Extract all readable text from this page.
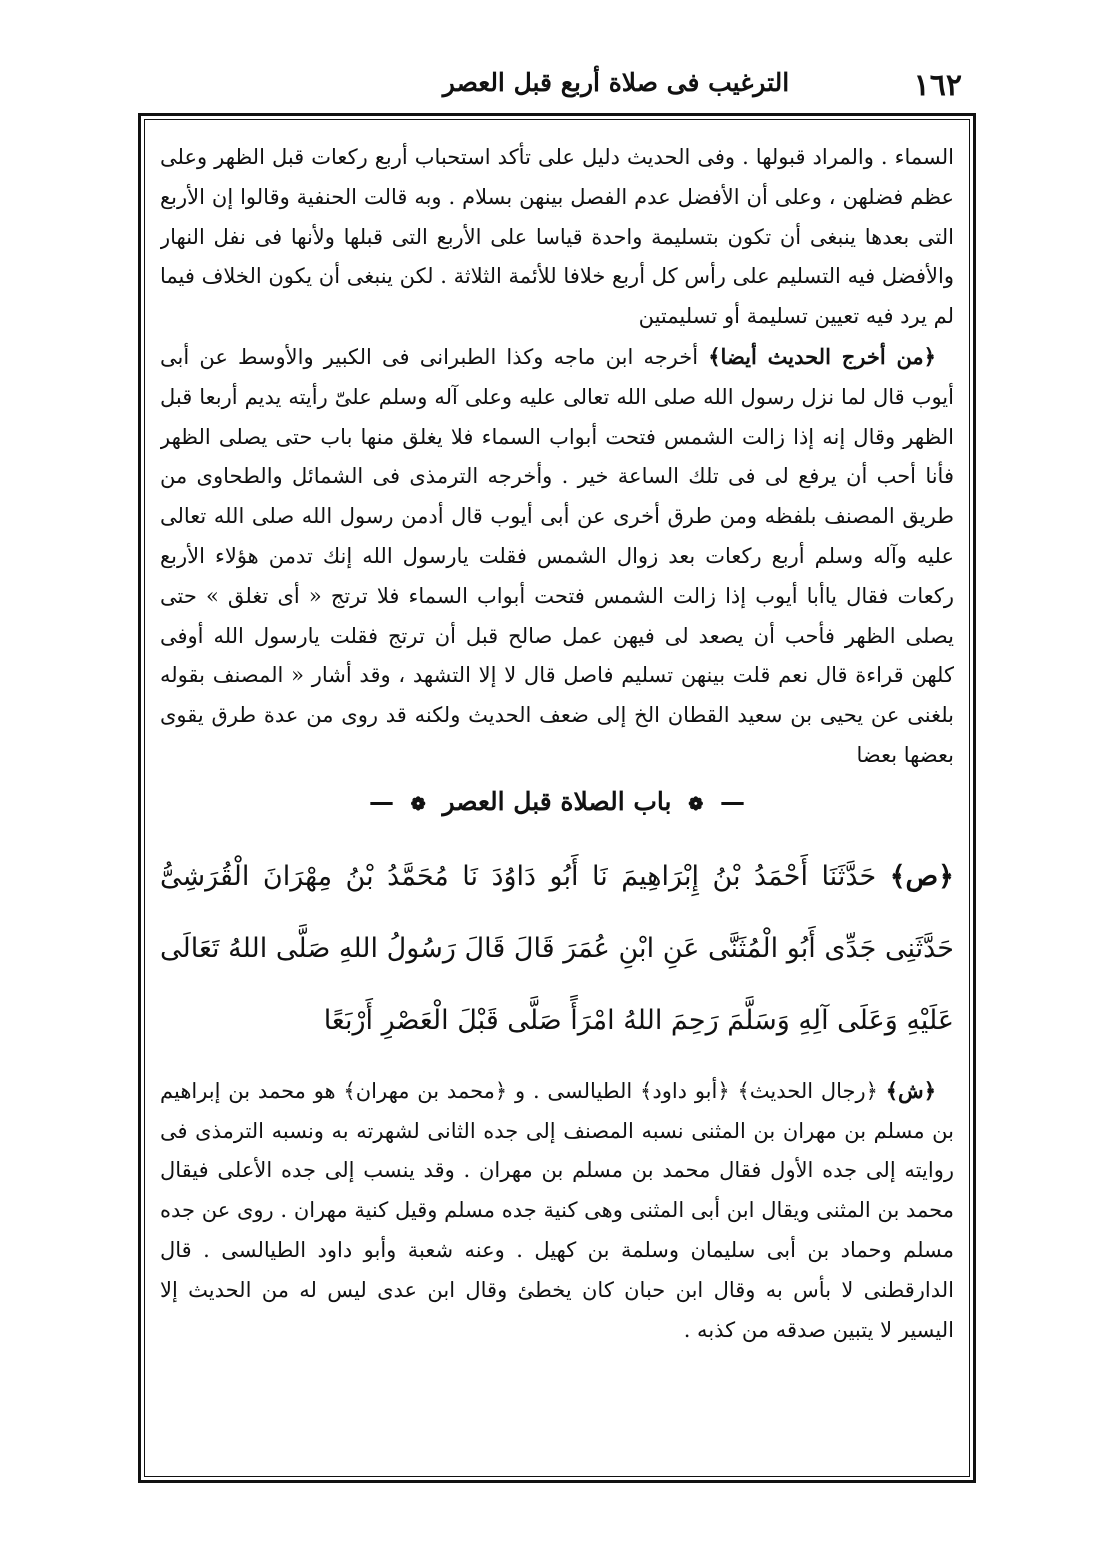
١٦٢
الترغيب فى صلاة أربع قبل العصر

السماء . والمراد قبولها . وفى الحديث دليل على تأكد استحباب أربع ركعات قبل الظهر وعلى عظم فضلهن ، وعلى أن الأفضل عدم الفصل بينهن بسلام . وبه قالت الحنفية وقالوا إن الأربع التى بعدها ينبغى أن تكون بتسليمة واحدة قياسا على الأربع التى قبلها ولأنها فى نفل النهار والأفضل فيه التسليم على رأس كل أربع خلافا للأئمة الثلاثة . لكن ينبغى أن يكون الخلاف فيما لم يرد فيه تعيين تسليمة أو تسليمتين

﴿من أخرج الحديث أيضا﴾ أخرجه ابن ماجه وكذا الطبرانى فى الكبير والأوسط عن أبى أيوب قال لما نزل رسول الله صلى الله تعالى عليه وعلى آله وسلم علىّ رأيته يديم أربعا قبل الظهر وقال إنه إذا زالت الشمس فتحت أبواب السماء فلا يغلق منها باب حتى يصلى الظهر فأنا أحب أن يرفع لى فى تلك الساعة خير . وأخرجه الترمذى فى الشمائل والطحاوى من طريق المصنف بلفظه ومن طرق أخرى عن أبى أيوب قال أدمن رسول الله صلى الله تعالى عليه وآله وسلم أربع ركعات بعد زوال الشمس فقلت يارسول الله إنك تدمن هؤلاء الأربع ركعات فقال ياأبا أيوب إذا زالت الشمس فتحت أبواب السماء فلا ترتج « أى تغلق » حتى يصلى الظهر فأحب أن يصعد لى فيهن عمل صالح قبل أن ترتج فقلت يارسول الله أوفى كلهن قراءة قال نعم قلت بينهن تسليم فاصل قال لا إلا التشهد ، وقد أشار « المصنف بقوله بلغنى عن يحيى بن سعيد القطان الخ إلى ضعف الحديث ولكنه قد روى من عدة طرق يقوى بعضها بعضا

— ❁ باب الصلاة قبل العصر ❁ —

﴿ص﴾ حَدَّثَنَا أَحْمَدُ بْنُ إِبْرَاهِيمَ نَا أَبُو دَاوُدَ نَا مُحَمَّدُ بْنُ مِهْرَانَ الْقُرَشِىُّ حَدَّثَنِى جَدِّى أَبُو الْمُثَنَّى عَنِ ابْنِ عُمَرَ قَالَ قَالَ رَسُولُ اللهِ صَلَّى اللهُ تَعَالَى عَلَيْهِ وَعَلَى آلِهِ وَسَلَّمَ رَحِمَ اللهُ امْرَأً صَلَّى قَبْلَ الْعَصْرِ أَرْبَعًا

﴿ش﴾ ﴿رجال الحديث﴾ ﴿أبو داود﴾ الطيالسى . و ﴿محمد بن مهران﴾ هو محمد بن إبراهيم بن مسلم بن مهران بن المثنى نسبه المصنف إلى جده الثانى لشهرته به ونسبه الترمذى فى روايته إلى جده الأول فقال محمد بن مسلم بن مهران . وقد ينسب إلى جده الأعلى فيقال محمد بن المثنى ويقال ابن أبى المثنى وهى كنية جده مسلم وقيل كنية مهران . روى عن جده مسلم وحماد بن أبى سليمان وسلمة بن كهيل . وعنه شعبة وأبو داود الطيالسى . قال الدارقطنى لا بأس به وقال ابن حبان كان يخطئ وقال ابن عدى ليس له من الحديث إلا اليسير لا يتبين صدقه من كذبه .
